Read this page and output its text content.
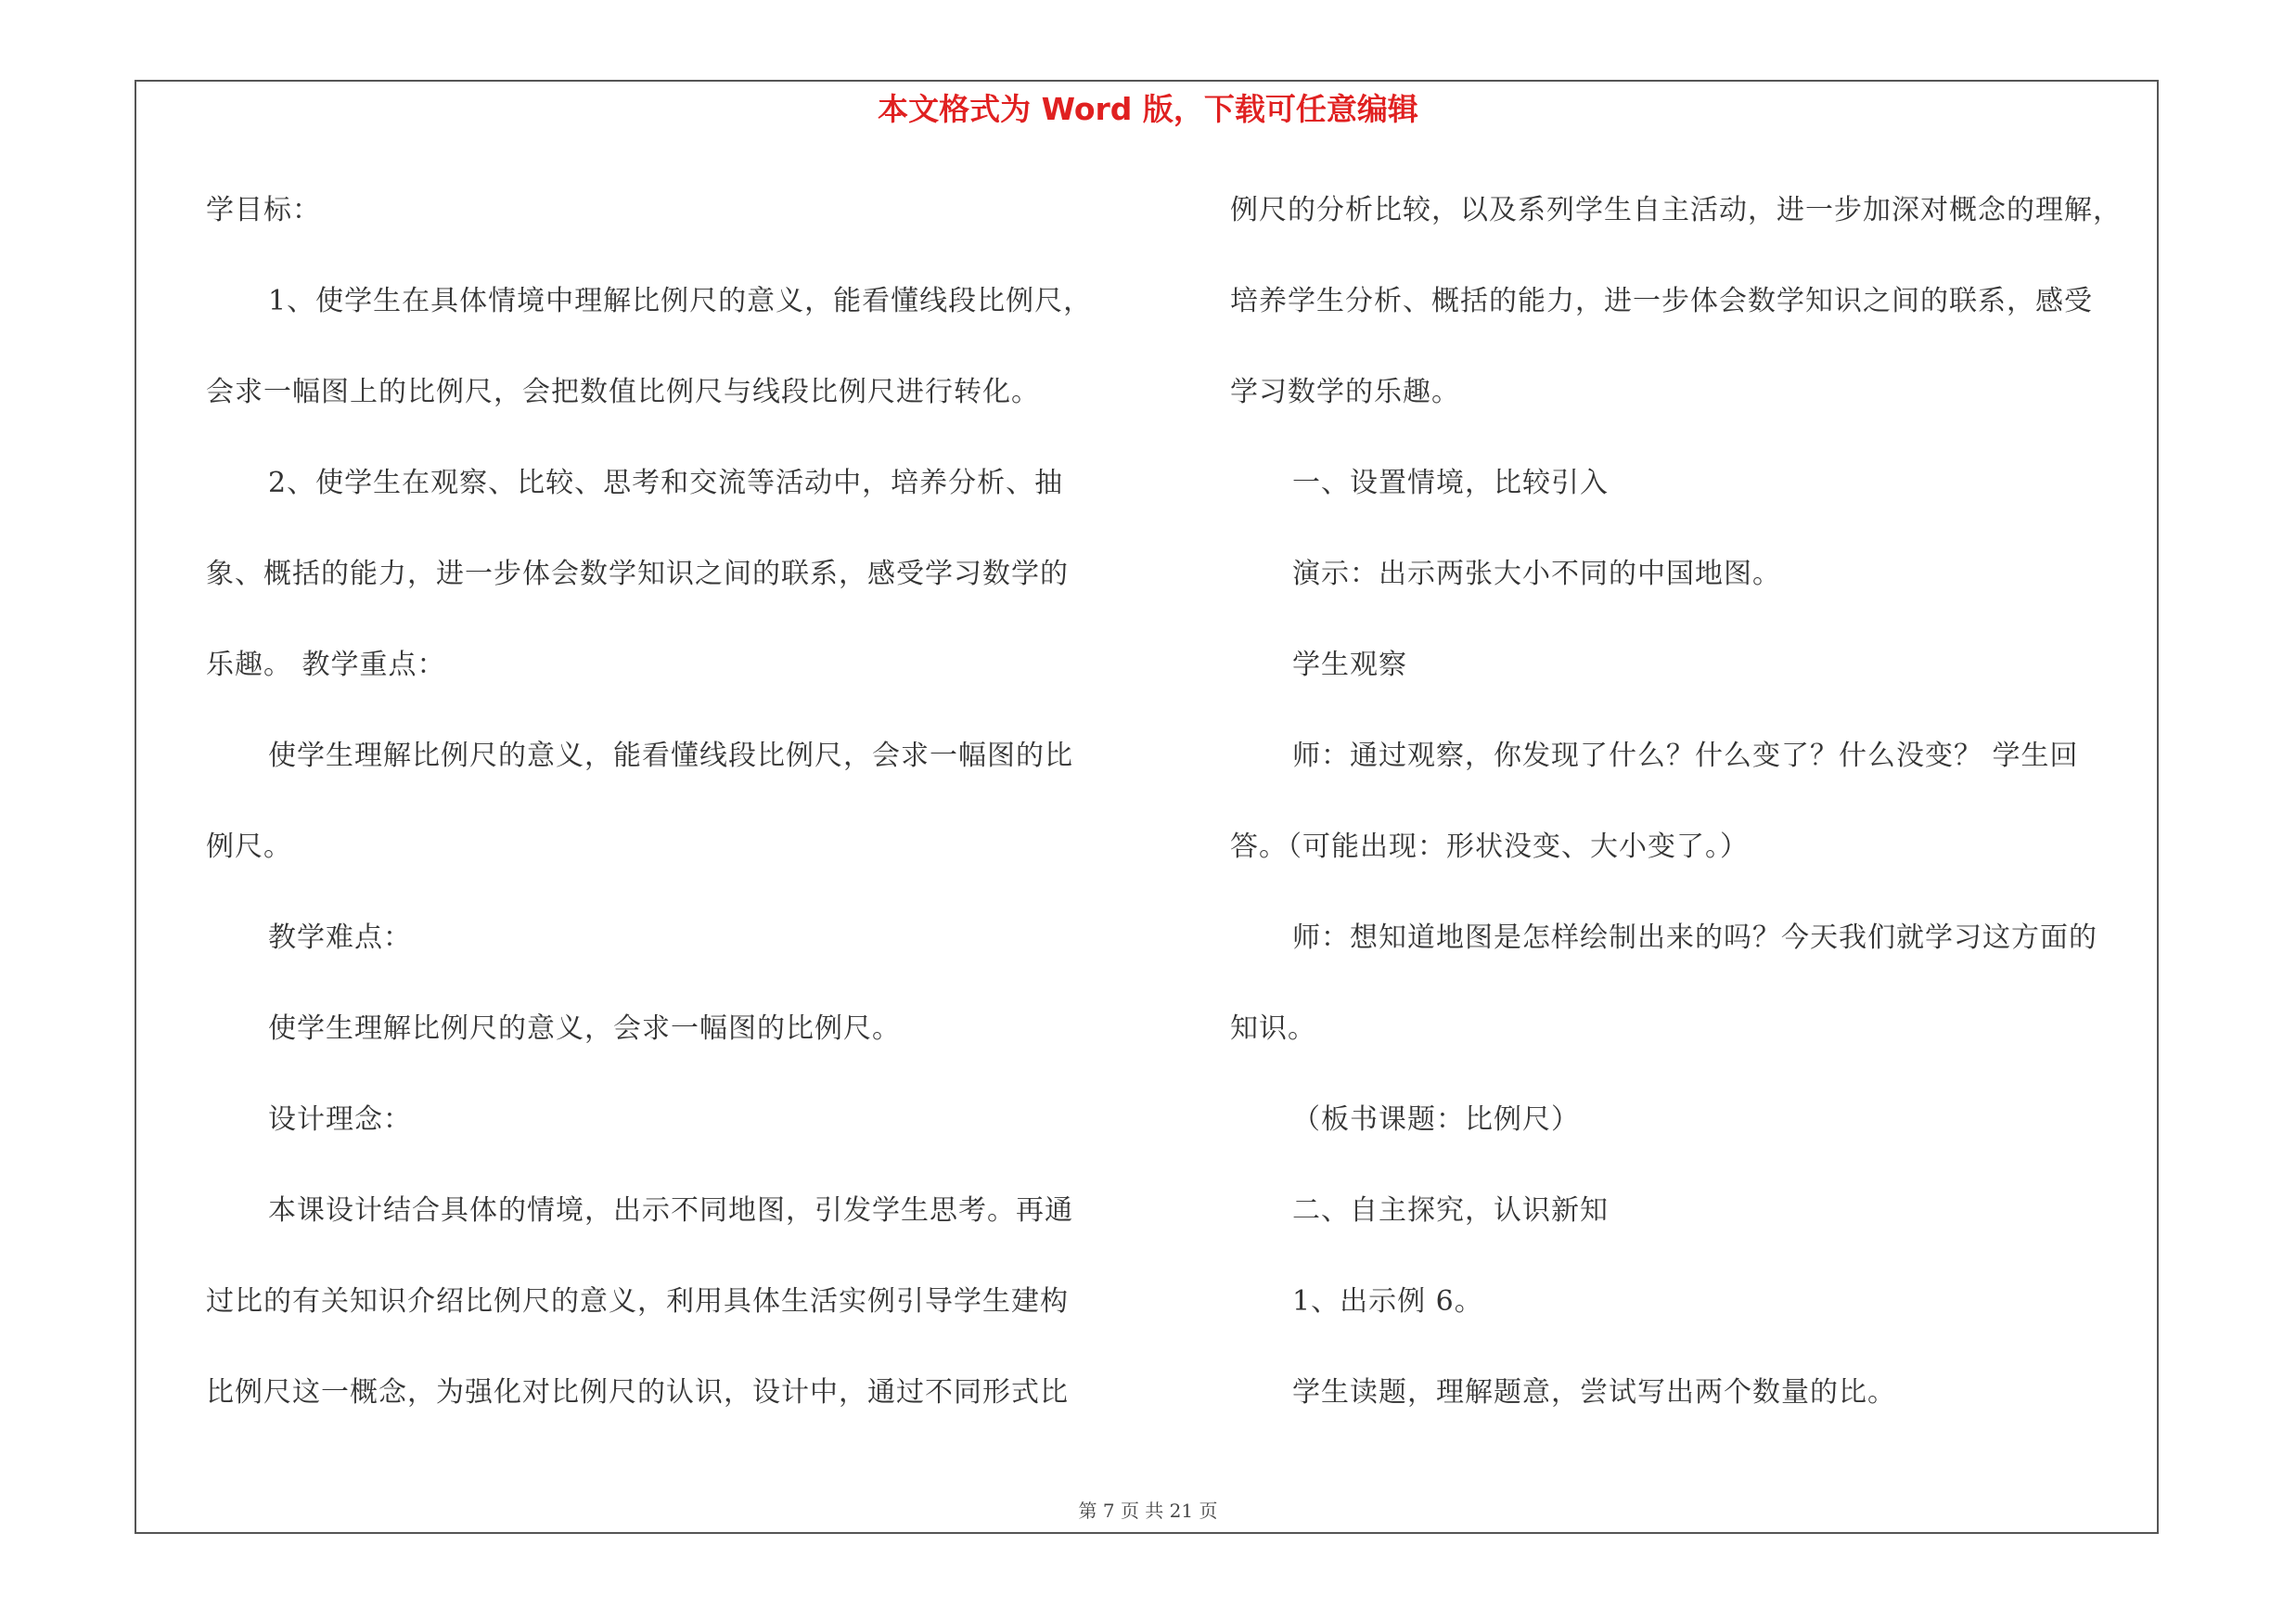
本文格式为 Word 版，下载可任意编辑
学目标：
1、使学生在具体情境中理解比例尺的意义，能看懂线段比例尺，
会求一幅图上的比例尺，会把数值比例尺与线段比例尺进行转化。
2、使学生在观察、比较、思考和交流等活动中，培养分析、抽
象、概括的能力，进一步体会数学知识之间的联系，感受学习数学的
乐趣。 教学重点：
使学生理解比例尺的意义，能看懂线段比例尺，会求一幅图的比
例尺。
教学难点：
使学生理解比例尺的意义，会求一幅图的比例尺。
设计理念：
本课设计结合具体的情境，出示不同地图，引发学生思考。再通
过比的有关知识介绍比例尺的意义，利用具体生活实例引导学生建构
比例尺这一概念，为强化对比例尺的认识，设计中，通过不同形式比
例尺的分析比较，以及系列学生自主活动，进一步加深对概念的理解，
培养学生分析、概括的能力，进一步体会数学知识之间的联系，感受
学习数学的乐趣。
一、设置情境，比较引入
演示：出示两张大小不同的中国地图。
学生观察
师：通过观察，你发现了什么？什么变了？什么没变？ 学生回
答。（可能出现：形状没变、大小变了。）
师：想知道地图是怎样绘制出来的吗？今天我们就学习这方面的
知识。
（板书课题：比例尺）
二、自主探究，认识新知
1、出示例 6。
学生读题，理解题意，尝试写出两个数量的比。
第 7 页 共 21 页
